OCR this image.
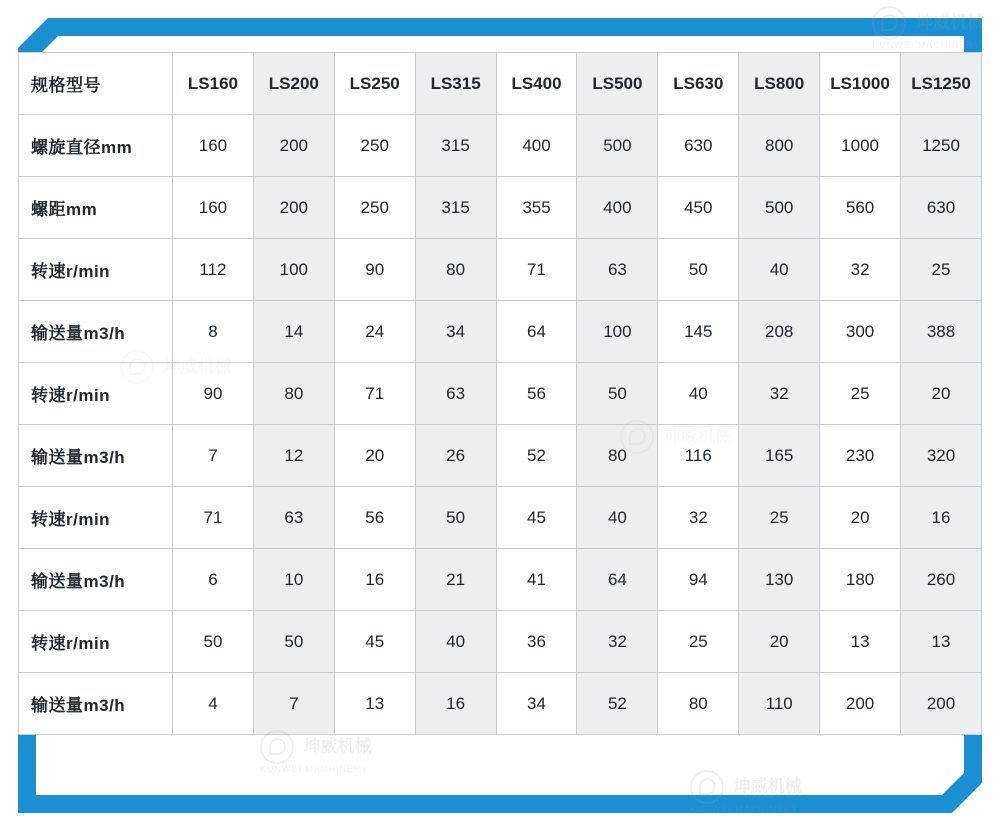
规格型号	LS160	LS200	LS250	LS315	LS400	LS500	LS630	LS800	LS1000	LS1250
螺旋直径mm	160	200	250	315	400	500	630	800	1000	1250
螺距mm	160	200	250	315	355	400	450	500	560	630
转速r/min	112	100	90	80	71	63	50	40	32	25
输送量m3/h	8	14	24	34	64	100	145	208	300	388
转速r/min	90	80	71	63	56	50	40	32	25	20
输送量m3/h	7	12	20	26	52	80	116	165	230	320
转速r/min	71	63	56	50	45	40	32	25	20	16
输送量m3/h	6	10	16	21	41	64	94	130	180	260
转速r/min	50	50	45	40	36	32	25	20	13	13
输送量m3/h	4	7	13	16	34	52	80	110	200	200
